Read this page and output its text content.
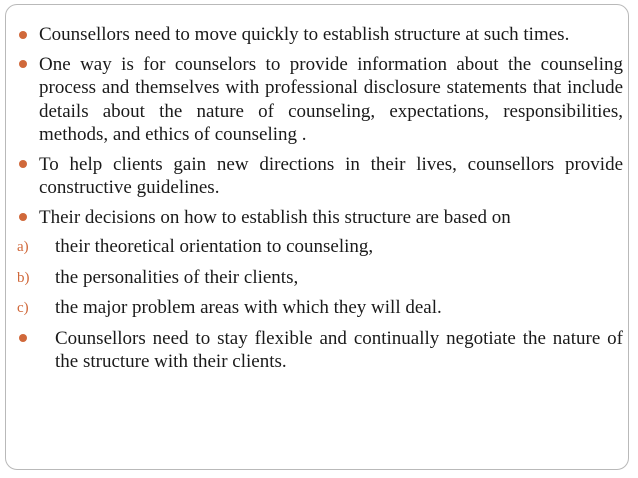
Counsellors need to move quickly to establish structure at such times.
One way is for counselors to provide information about the counseling process and themselves with professional disclosure statements that include details about the nature of counseling, expectations, responsibilities, methods, and ethics of counseling .
To help clients gain new directions in their lives, counsellors provide constructive guidelines.
Their decisions on how to establish this structure are based on
a)	their theoretical orientation to counseling,
b)	the personalities of their clients,
c)	the major problem areas with which they will deal.
Counsellors need to stay flexible and continually negotiate the nature of the structure with their clients.
